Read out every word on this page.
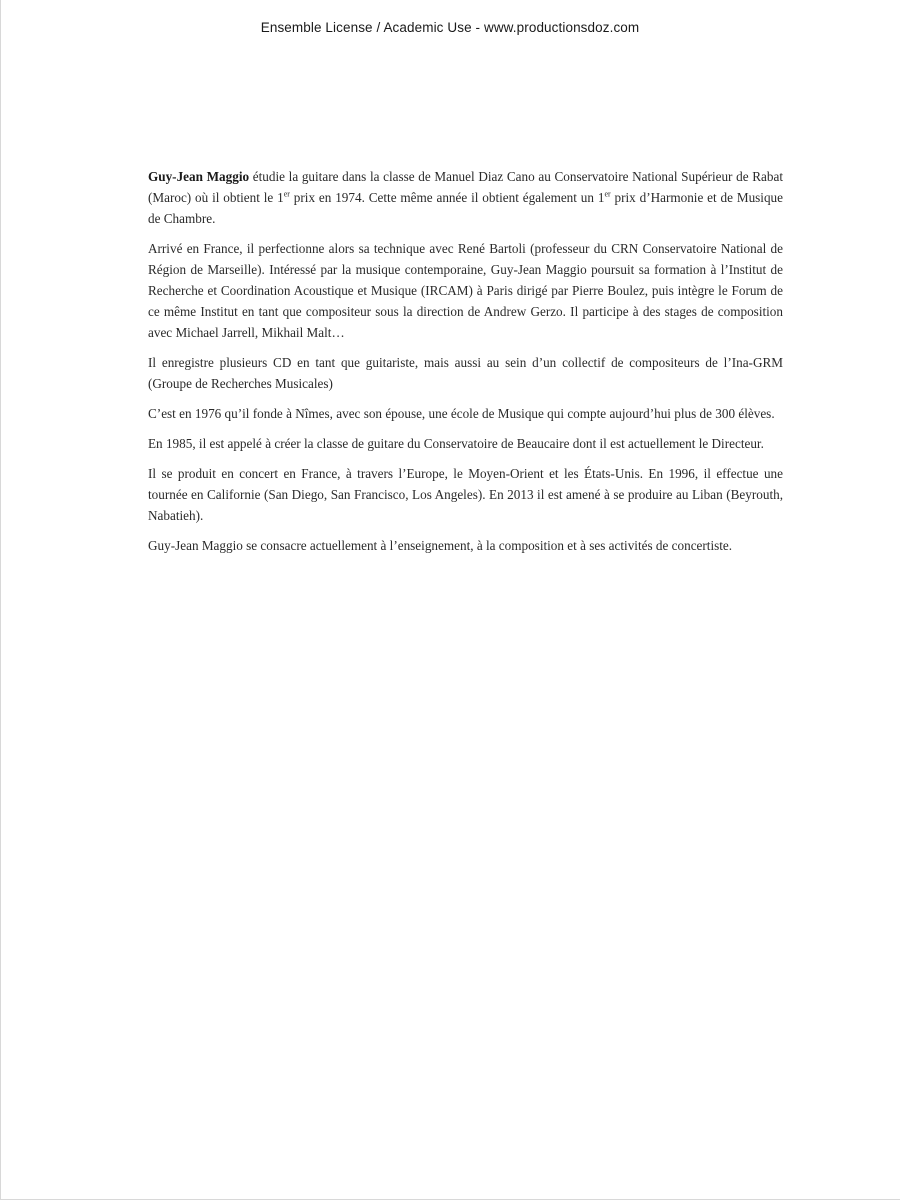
Ensemble License / Academic Use - www.productionsdoz.com

Guy-Jean Maggio étudie la guitare dans la classe de Manuel Diaz Cano au Conservatoire National Supérieur de Rabat (Maroc) où il obtient le 1er prix en 1974. Cette même année il obtient également un 1er prix d’Harmonie et de Musique de Chambre.

Arrivé en France, il perfectionne alors sa technique avec René Bartoli (professeur du CRN Conservatoire National de Région de Marseille). Intéressé par la musique contemporaine, Guy-Jean Maggio poursuit sa formation à l’Institut de Recherche et Coordination Acoustique et Musique (IRCAM) à Paris dirigé par Pierre Boulez, puis intègre le Forum de ce même Institut en tant que compositeur sous la direction de Andrew Gerzo. Il participe à des stages de composition avec Michael Jarrell, Mikhail Malt…

Il enregistre plusieurs CD en tant que guitariste, mais aussi au sein d’un collectif de compositeurs de l’Ina-GRM (Groupe de Recherches Musicales)

C’est en 1976 qu’il fonde à Nîmes, avec son épouse, une école de Musique qui compte aujourd’hui plus de 300 élèves.

En 1985, il est appelé à créer la classe de guitare du Conservatoire de Beaucaire dont il est actuellement le Directeur.

Il se produit en concert en France, à travers l’Europe, le Moyen-Orient et les États-Unis. En 1996, il effectue une tournée en Californie (San Diego, San Francisco, Los Angeles). En 2013 il est amené à se produire au Liban (Beyrouth, Nabatieh).

Guy-Jean Maggio se consacre actuellement à l’enseignement, à la composition et à ses activités de concertiste.
